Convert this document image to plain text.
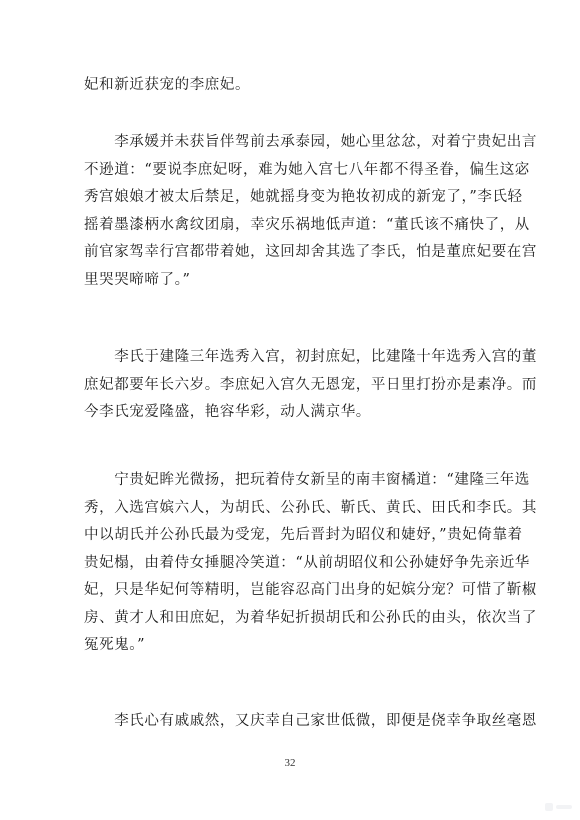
妃和新近获宠的李庶妃。
　　李承媛并未获旨伴驾前去承泰园，她心里忿忿，对着宁贵妃出言
不逊道：“要说李庶妃呀，难为她入宫七八年都不得圣眷，偏生这宓
秀宫娘娘才被太后禁足，她就摇身变为艳妆初成的新宠了，”李氏轻
摇着墨漆柄水禽纹团扇，幸灾乐祸地低声道：“董氏该不痛快了，从
前官家驾幸行宫都带着她，这回却舍其选了李氏，怕是董庶妃要在宫
里哭哭啼啼了。”
　　李氏于建隆三年选秀入宫，初封庶妃，比建隆十年选秀入宫的董
庶妃都要年长六岁。李庶妃入宫久无恩宠，平日里打扮亦是素净。而
今李氏宠爱隆盛，艳容华彩，动人满京华。
　　宁贵妃眸光微扬，把玩着侍女新呈的南丰窗橘道：“建隆三年选
秀，入选宫嫔六人，为胡氏、公孙氏、靳氏、黄氏、田氏和李氏。其
中以胡氏并公孙氏最为受宠，先后晋封为昭仪和婕妤，”贵妃倚靠着
贵妃榻，由着侍女捶腿冷笑道：“从前胡昭仪和公孙婕妤争先亲近华
妃，只是华妃何等精明，岂能容忍高门出身的妃嫔分宠？可惜了靳椒
房、黄才人和田庶妃，为着华妃折损胡氏和公孙氏的由头，依次当了
冤死鬼。”
　　李氏心有戚戚然，又庆幸自己家世低微，即便是侥幸争取丝毫恩
32
